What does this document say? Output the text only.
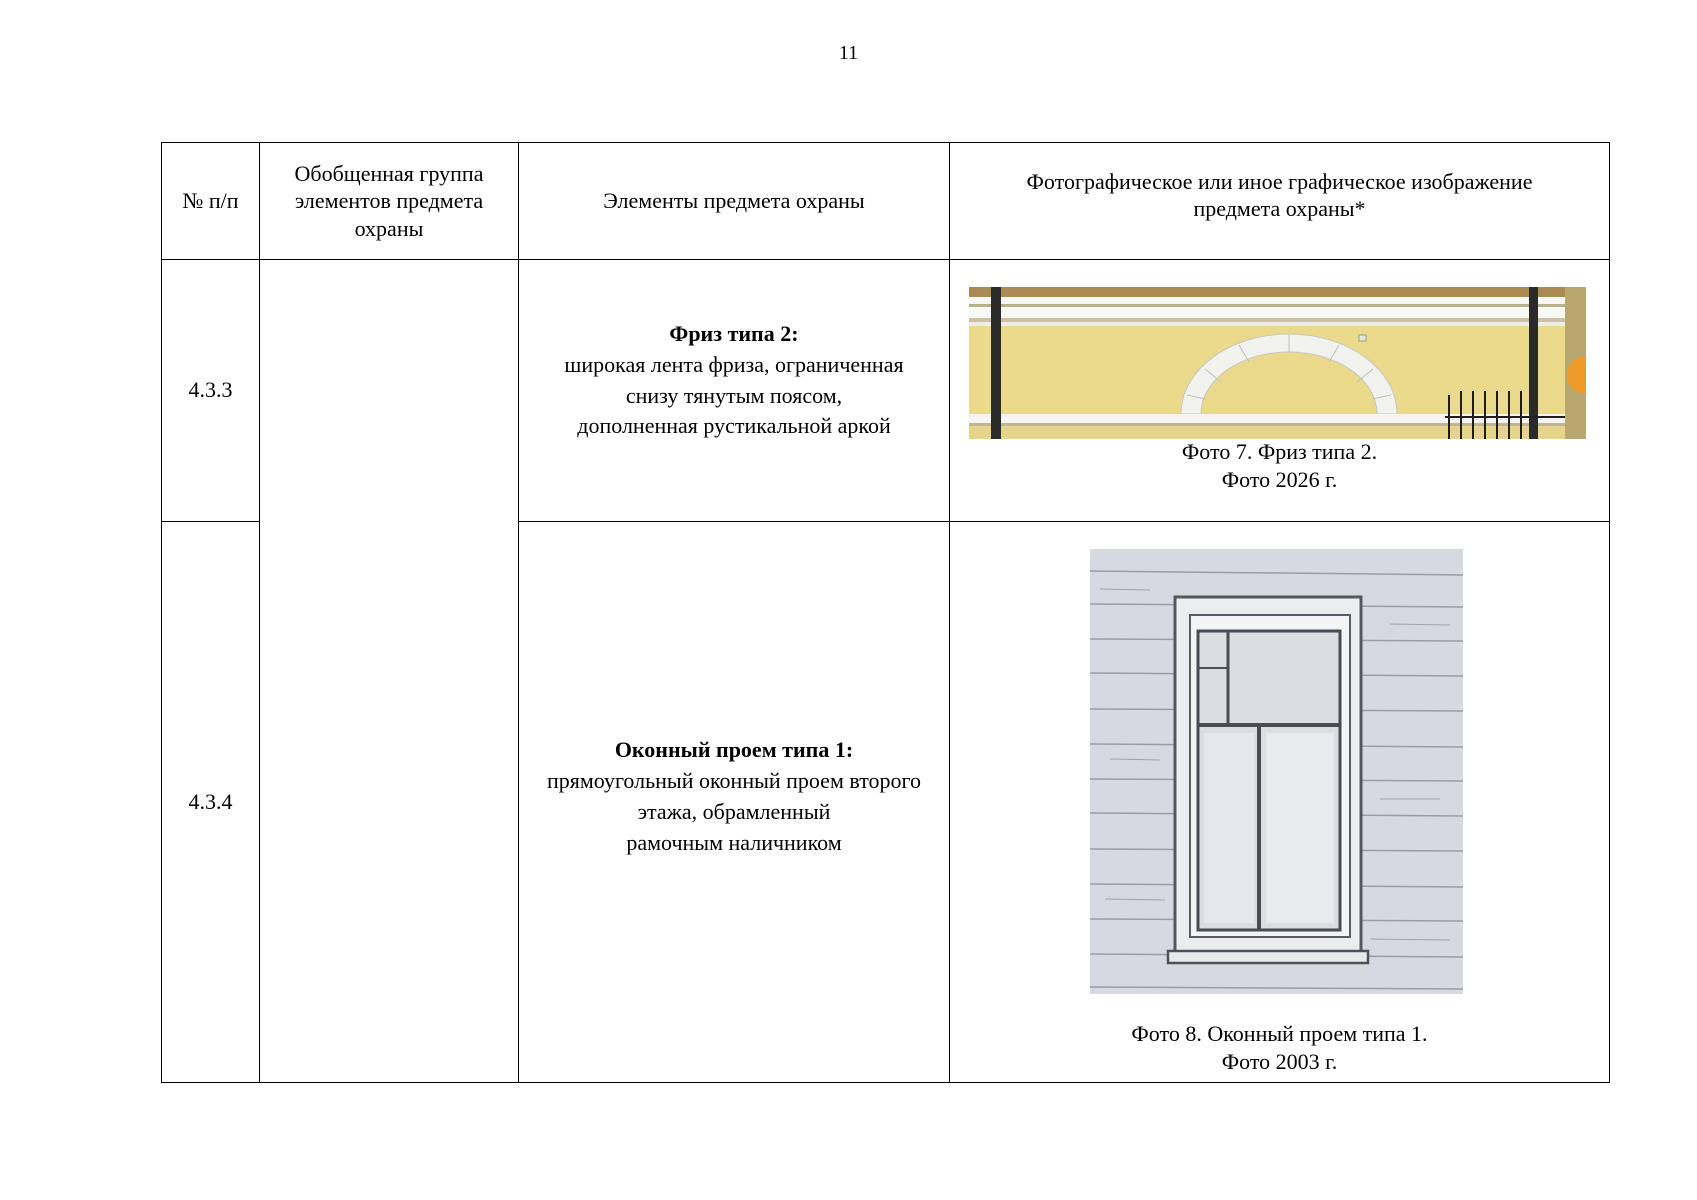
11
№ п/п	Обобщенная группа элементов предмета охраны	Элементы предмета охраны	Фотографическое или иное графическое изображение предмета охраны*
4.3.3		Фриз типа 2:
широкая лента фриза, ограниченная
снизу тянутым поясом,
дополненная рустикальной аркой	Фото 7. Фриз типа 2.
Фото 2026 г.

4.3.4		Оконный проем типа 1:
прямоугольный оконный проем второго
этажа, обрамленный
рамочным наличником	Фото 8. Оконный проем типа 1.
Фото 2003 г.
